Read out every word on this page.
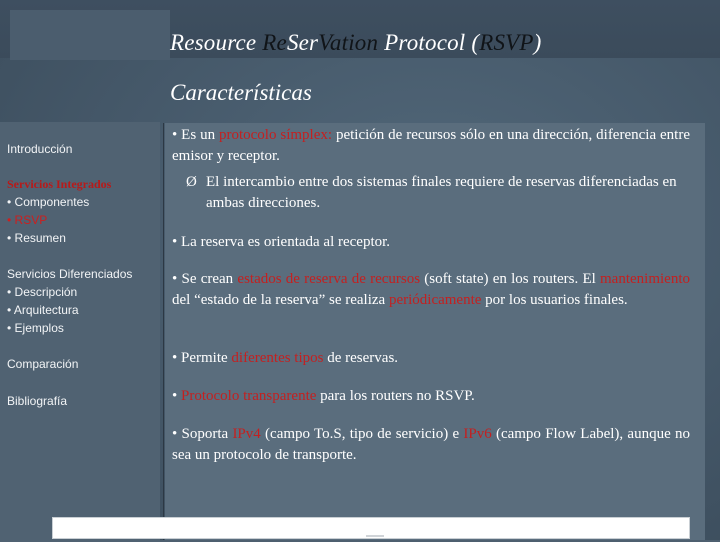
Resource ReSerVation Protocol (RSVP)
Características
Introducción
Servicios Integrados
• Componentes
• RSVP
• Resumen
Servicios Diferenciados
• Descripción
• Arquitectura
• Ejemplos
Comparación
Bibliografía
• Es un protocolo símplex: petición de recursos sólo en una dirección, diferencia entre emisor y receptor.
Ø El intercambio entre dos sistemas finales requiere de reservas diferenciadas en ambas direcciones.
• La reserva es orientada al receptor.
• Se crean estados de reserva de recursos (soft state) en los routers. El mantenimiento del “estado de la reserva” se realiza periódicamente por los usuarios finales.
• Permite diferentes tipos de reservas.
• Protocolo transparente para los routers no RSVP.
• Soporta IPv4 (campo To.S, tipo de servicio) e IPv6 (campo Flow Label), aunque no sea un protocolo de transporte.
